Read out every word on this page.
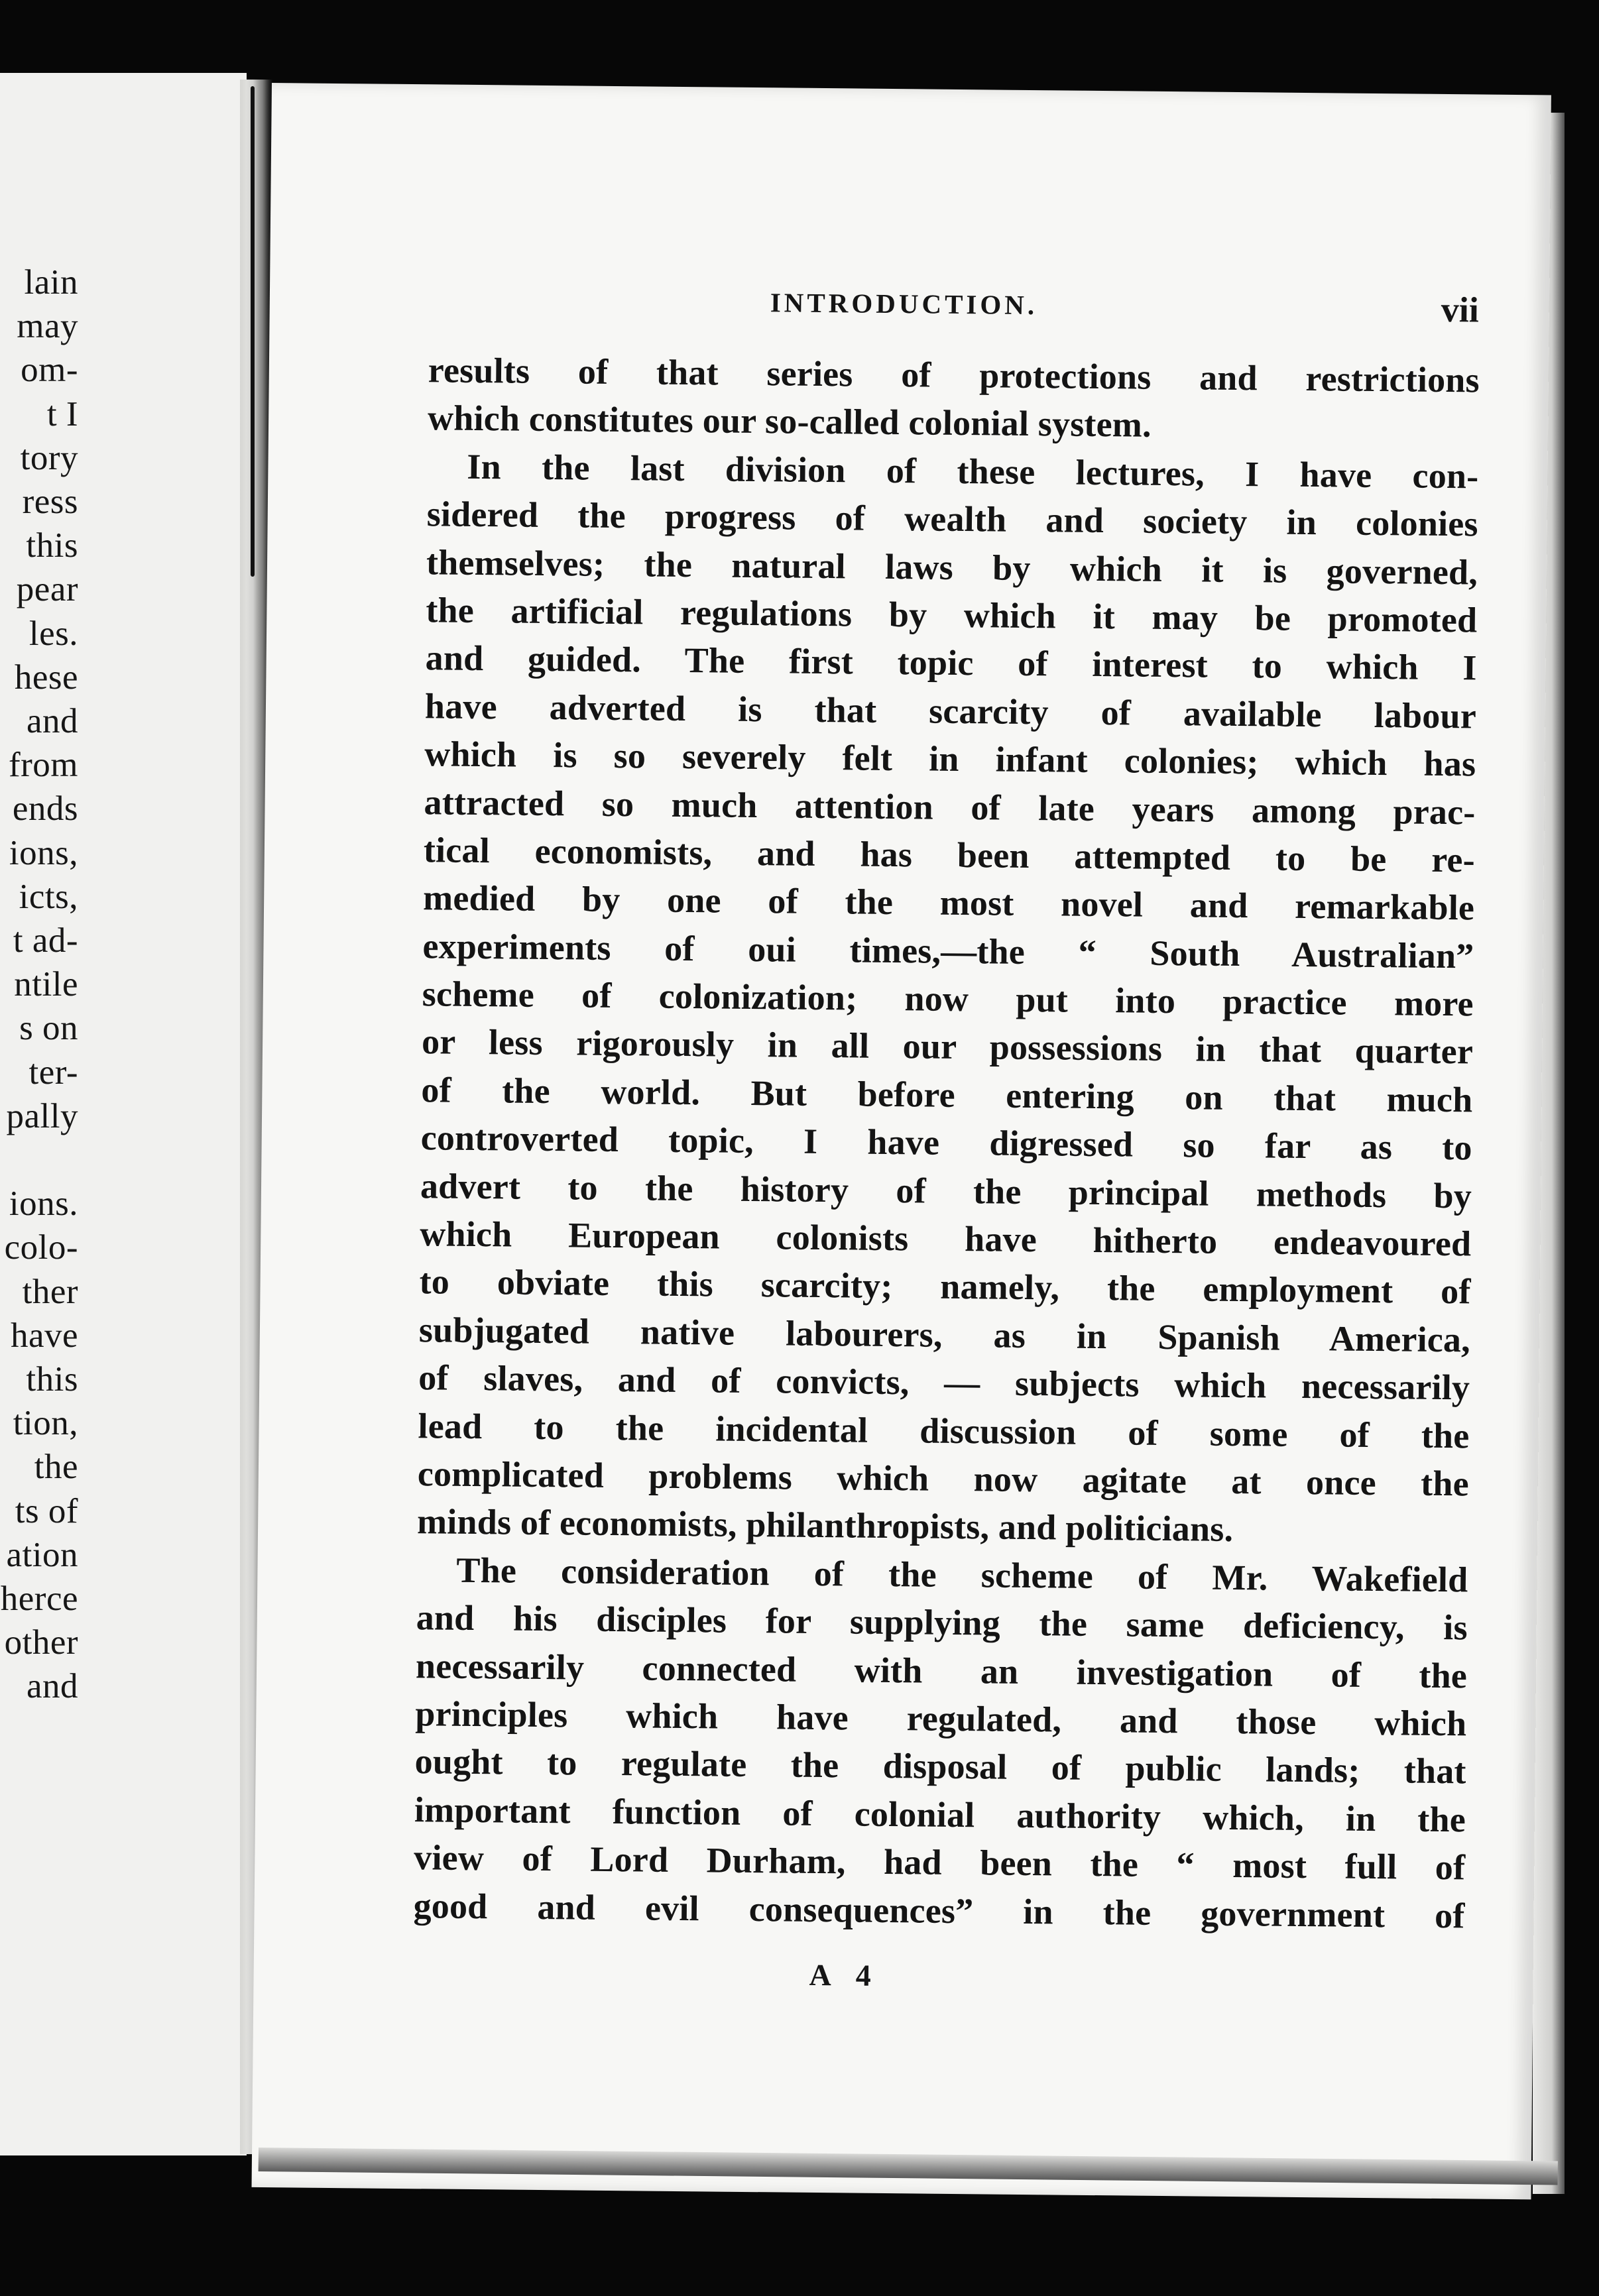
lain
may
om-
t I
tory
ress
this
pear
les.
hese
and
from
ends
ions,
icts,
t ad-
ntile
s on
ter-
pally
ions.
colo-
ther
have
this
tion,
the
ts of
ation
herce
other
and
INTRODUCTION.	vii
results of that series of protections and restrictions
which constitutes our so-called colonial system.
In the last division of these lectures, I have con-
sidered the progress of wealth and society in colonies
themselves; the natural laws by which it is governed,
the artificial regulations by which it may be promoted
and guided. The first topic of interest to which I
have adverted is that scarcity of available labour
which is so severely felt in infant colonies; which has
attracted so much attention of late years among prac-
tical economists, and has been attempted to be re-
medied by one of the most novel and remarkable
experiments of oui times,—the “ South Australian”
scheme of colonization; now put into practice more
or less rigorously in all our possessions in that quarter
of the world. But before entering on that much
controverted topic, I have digressed so far as to
advert to the history of the principal methods by
which European colonists have hitherto endeavoured
to obviate this scarcity; namely, the employment of
subjugated native labourers, as in Spanish America,
of slaves, and of convicts, — subjects which necessarily
lead to the incidental discussion of some of the
complicated problems which now agitate at once the
minds of economists, philanthropists, and politicians.
The consideration of the scheme of Mr. Wakefield
and his disciples for supplying the same deficiency, is
necessarily connected with an investigation of the
principles which have regulated, and those which
ought to regulate the disposal of public lands; that
important function of colonial authority which, in the
view of Lord Durham, had been the “ most full of
good and evil consequences” in the government of
A 4
